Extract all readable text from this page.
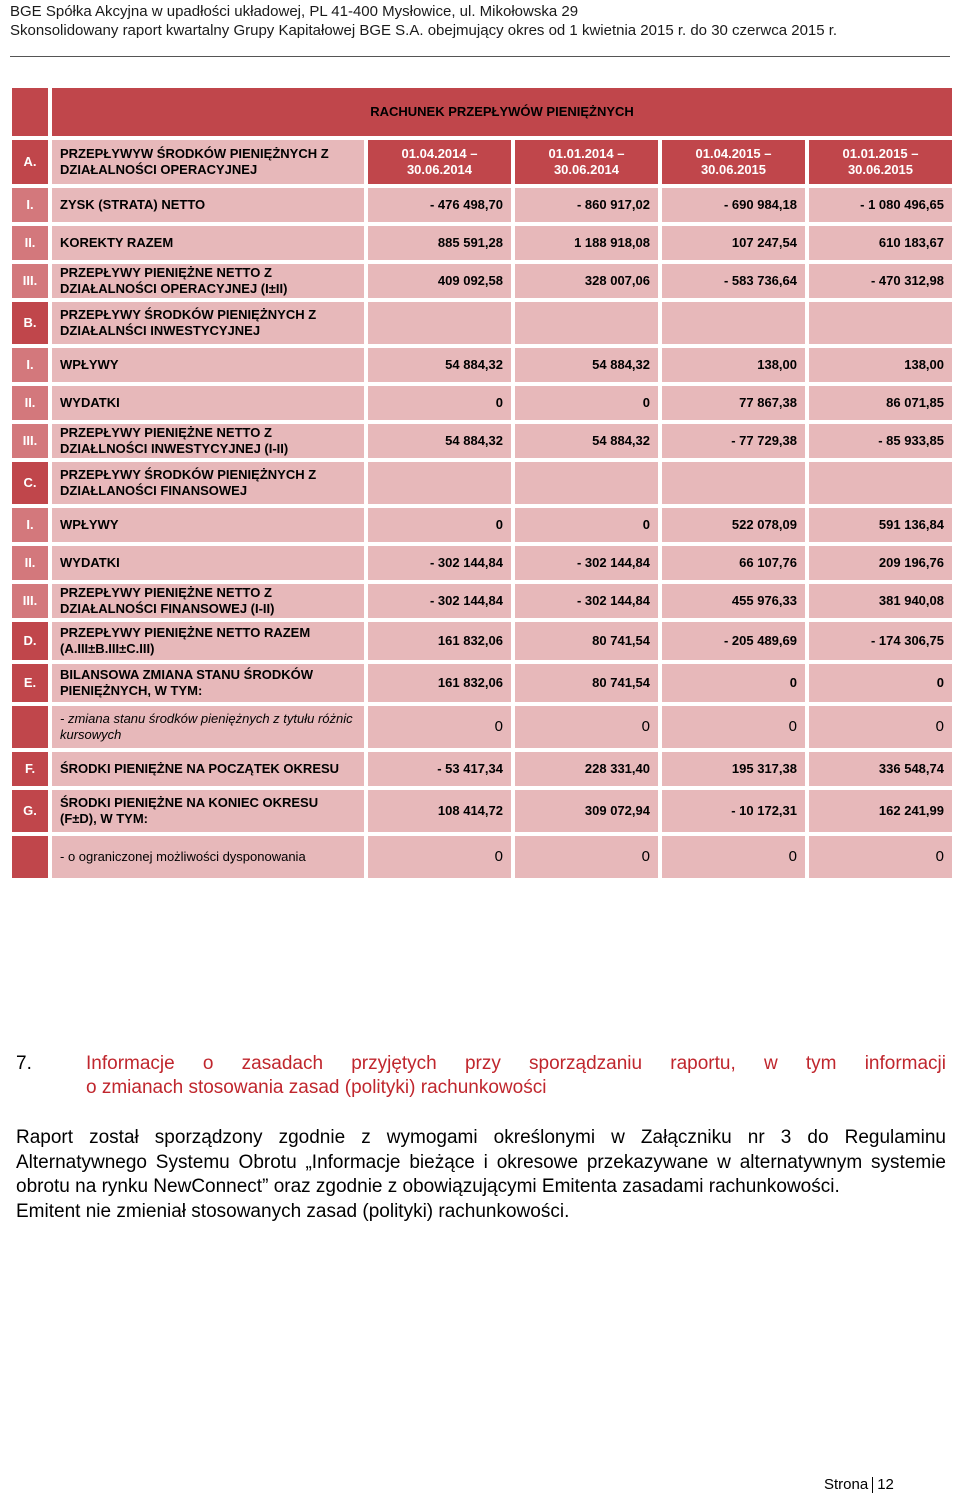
BGE Spółka Akcyjna w upadłości układowej, PL 41-400 Mysłowice, ul. Mikołowska 29
Skonsolidowany raport kwartalny Grupy Kapitałowej BGE S.A. obejmujący okres od 1 kwietnia 2015 r. do 30 czerwca 2015 r.
	RACHUNEK PRZEPŁYWÓW PIENIĘŻNYCH				
A.	PRZEPŁYWYW ŚRODKÓW PIENIĘŻNYCH Z DZIAŁALNOŚCI OPERACYJNEJ	01.04.2014 – 30.06.2014	01.01.2014 – 30.06.2014	01.04.2015 – 30.06.2015	01.01.2015 – 30.06.2015
I.	ZYSK (STRATA) NETTO	- 476 498,70	- 860 917,02	- 690 984,18	- 1 080 496,65
II.	KOREKTY RAZEM	885 591,28	1 188 918,08	107 247,54	610 183,67
III.	PRZEPŁYWY PIENIĘŻNE NETTO Z DZIAŁALNOŚCI OPERACYJNEJ (I±II)	409 092,58	328 007,06	- 583 736,64	- 470 312,98
B.	PRZEPŁYWY ŚRODKÓW PIENIĘŻNYCH Z DZIAŁALNŚCI INWESTYCYJNEJ				
I.	WPŁYWY	54 884,32	54 884,32	138,00	138,00
II.	WYDATKI	0	0	77 867,38	86 071,85
III.	PRZEPŁYWY PIENIĘŻNE NETTO Z DZIAŁLNOŚCI INWESTYCYJNEJ (I-II)	54 884,32	54 884,32	- 77 729,38	- 85 933,85
C.	PRZEPŁYWY ŚRODKÓW PIENIĘŻNYCH Z DZIAŁLANOŚCI FINANSOWEJ				
I.	WPŁYWY	0	0	522 078,09	591 136,84
II.	WYDATKI	- 302 144,84	- 302 144,84	66 107,76	209 196,76
III.	PRZEPŁYWY PIENIĘŻNE NETTO Z DZIAŁALNOŚCI FINANSOWEJ (I-II)	- 302 144,84	- 302 144,84	455 976,33	381 940,08
D.	PRZEPŁYWY PIENIĘŻNE NETTO RAZEM (A.III±B.III±C.III)	161 832,06	80 741,54	- 205 489,69	- 174 306,75
E.	BILANSOWA ZMIANA STANU ŚRODKÓW PIENIĘŻNYCH, W TYM:	161 832,06	80 741,54	0	0
	- zmiana stanu środków pieniężnych z tytułu różnic kursowych	0	0	0	0
F.	ŚRODKI PIENIĘŻNE NA POCZĄTEK OKRESU	- 53 417,34	228 331,40	195 317,38	336 548,74
G.	ŚRODKI PIENIĘŻNE NA KONIEC OKRESU (F±D), W TYM:	108 414,72	309 072,94	- 10 172,31	162 241,99
	- o ograniczonej możliwości dysponowania	0	0	0	0
7.	Informacje o zasadach przyjętych przy sporządzaniu raportu, w tym informacji
o zmianach stosowania zasad (polityki) rachunkowości

Raport został sporządzony zgodnie z wymogami określonymi w Załączniku nr 3 do Regulaminu Alternatywnego Systemu Obrotu „Informacje bieżące i okresowe przekazywane w alternatywnym systemie obrotu na rynku NewConnect” oraz zgodnie z obowiązującymi Emitenta zasadami rachunkowości.

Emitent nie zmieniał stosowanych zasad (polityki) rachunkowości.

Strona 12
